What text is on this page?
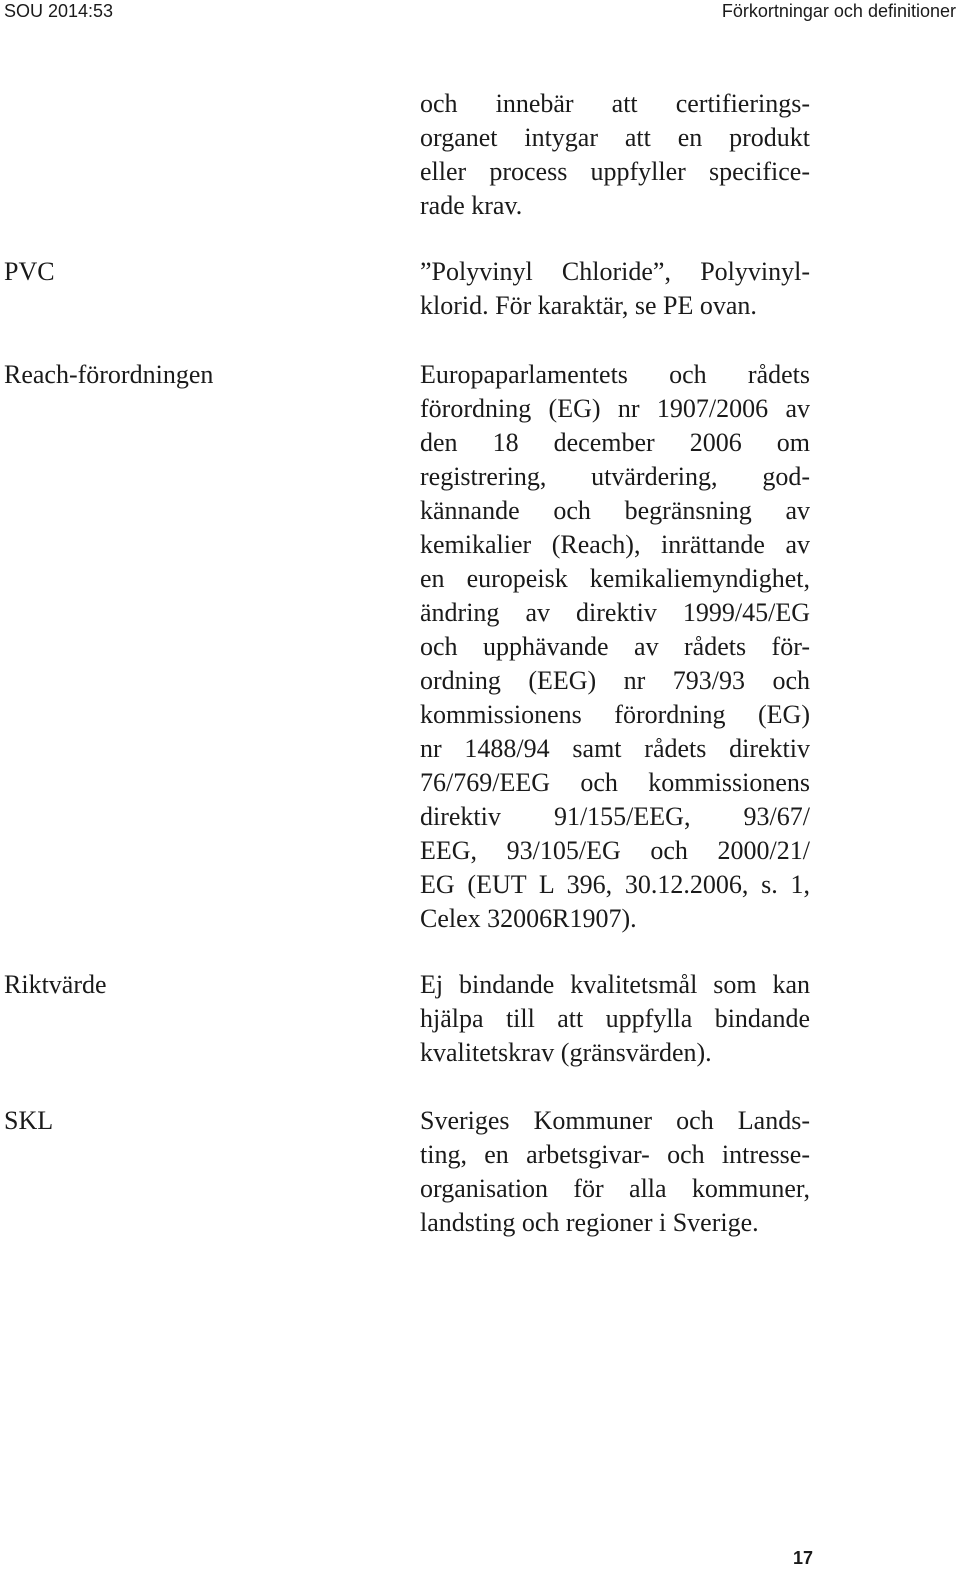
SOU 2014:53	Förkortningar och definitioner
och innebär att certifierings-
organet intygar att en produkt
eller process uppfyller specifice-
rade krav.
PVC	”Polyvinyl Chloride”, Polyvinyl-
klorid. För karaktär, se PE ovan.
Reach-förordningen	Europaparlamentets och rådets
förordning (EG) nr 1907/2006 av
den 18 december 2006 om
registrering, utvärdering, god-
kännande och begränsning av
kemikalier (Reach), inrättande av
en europeisk kemikaliemyndighet,
ändring av direktiv 1999/45/EG
och upphävande av rådets för-
ordning (EEG) nr 793/93 och
kommissionens förordning (EG)
nr 1488/94 samt rådets direktiv
76/769/EEG och kommissionens
direktiv 91/155/EEG, 93/67/
EEG, 93/105/EG och 2000/21/
EG (EUT L 396, 30.12.2006, s. 1,
Celex 32006R1907).
Riktvärde	Ej bindande kvalitetsmål som kan
hjälpa till att uppfylla bindande
kvalitetskrav (gränsvärden).
SKL	Sveriges Kommuner och Lands-
ting, en arbetsgivar- och intresse-
organisation för alla kommuner,
landsting och regioner i Sverige.
17
